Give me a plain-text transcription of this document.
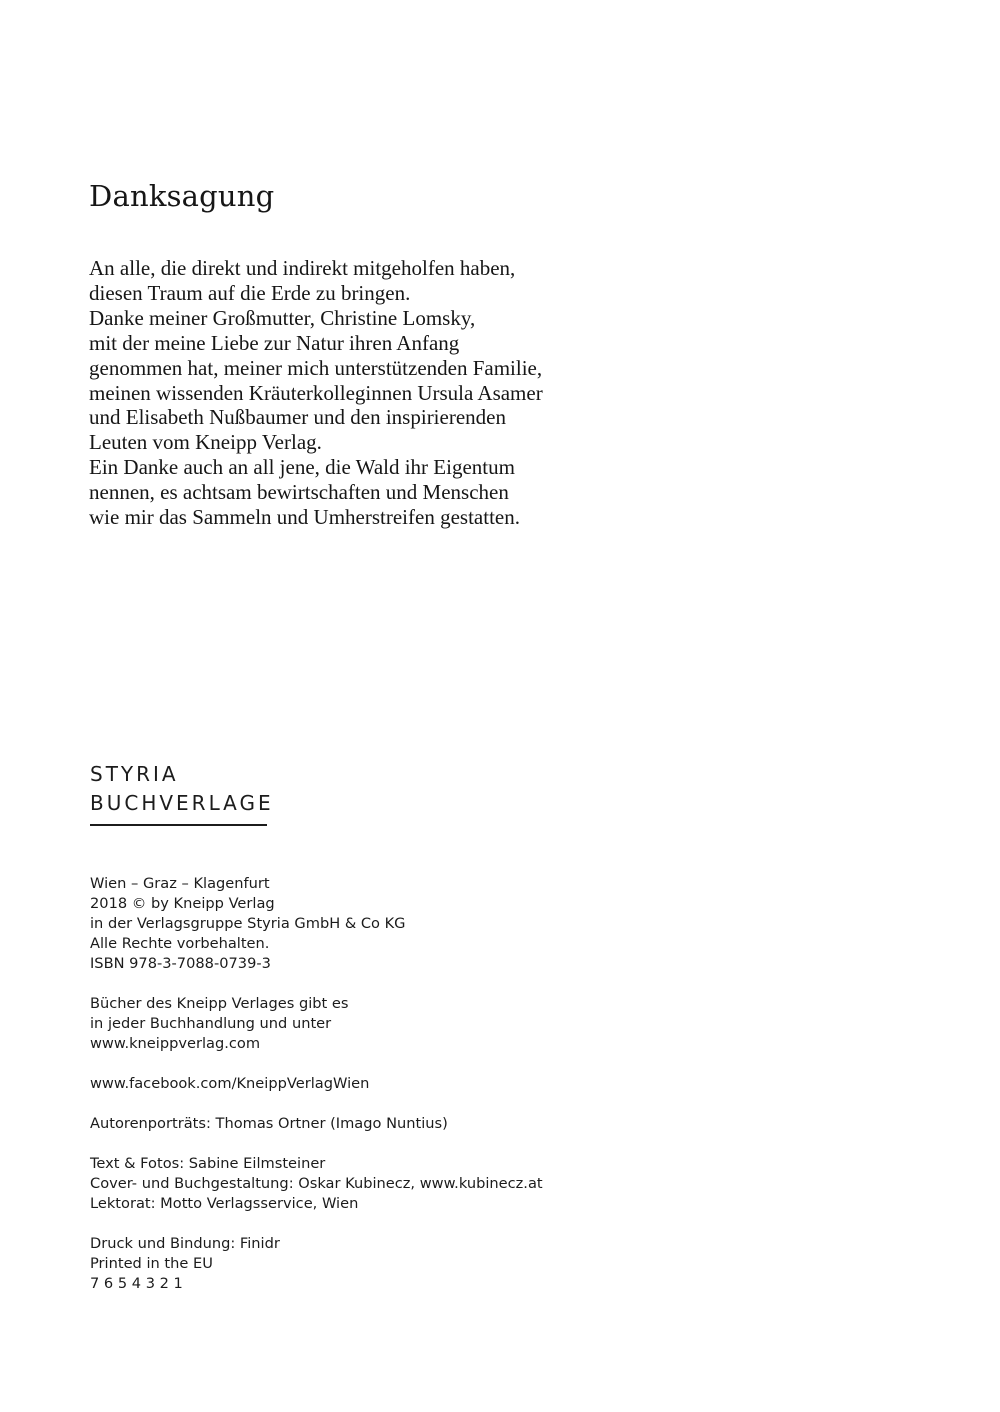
Danksagung
An alle, die direkt und indirekt mitgeholfen haben,
diesen Traum auf die Erde zu bringen.
Danke meiner Großmutter, Christine Lomsky,
mit der meine Liebe zur Natur ihren Anfang
genommen hat, meiner mich unterstützenden Familie,
meinen wissenden Kräuterkolleginnen Ursula Asamer
und Elisabeth Nußbaumer und den inspirierenden
Leuten vom Kneipp Verlag.
Ein Danke auch an all jene, die Wald ihr Eigentum
nennen, es achtsam bewirtschaften und Menschen
wie mir das Sammeln und Umherstreifen gestatten.
STYRIA
BUCHVERLAGE
Wien – Graz – Klagenfurt
2018 © by Kneipp Verlag
in der Verlagsgruppe Styria GmbH & Co KG
Alle Rechte vorbehalten.
ISBN 978-3-7088-0739-3
Bücher des Kneipp Verlages gibt es
in jeder Buchhandlung und unter
www.kneippverlag.com
www.facebook.com/KneippVerlagWien
Autorenporträts: Thomas Ortner (Imago Nuntius)
Text & Fotos: Sabine Eilmsteiner
Cover- und Buchgestaltung: Oskar Kubinecz, www.kubinecz.at
Lektorat: Motto Verlagsservice, Wien
Druck und Bindung: Finidr
Printed in the EU
7 6 5 4 3 2 1
